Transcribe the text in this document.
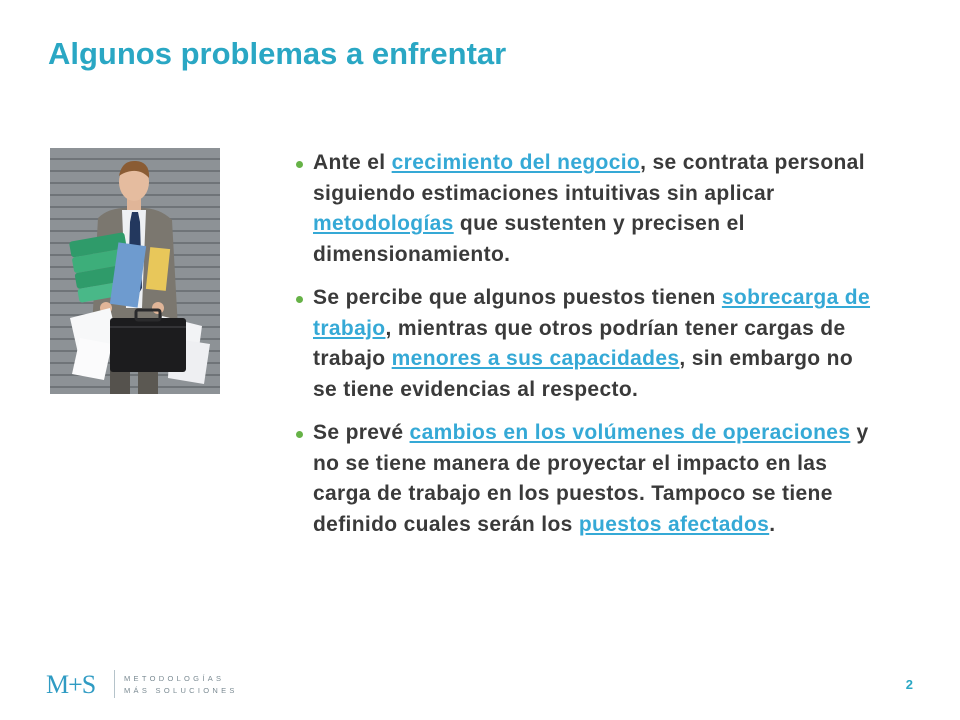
Algunos problemas a enfrentar
Ante el crecimiento del negocio, se contrata personal siguiendo estimaciones intuitivas sin aplicar metodologías que sustenten y precisen el dimensionamiento.
Se percibe que algunos puestos tienen sobrecarga de trabajo, mientras que otros podrían tener cargas de trabajo menores a sus capacidades, sin embargo no se tiene evidencias al respecto.
Se prevé cambios en los volúmenes de operaciones y no se tiene manera de proyectar el impacto en las carga de trabajo en los puestos. Tampoco se tiene definido cuales serán los puestos afectados.
M+S	METODOLOGÍAS
MÁS SOLUCIONES	2
